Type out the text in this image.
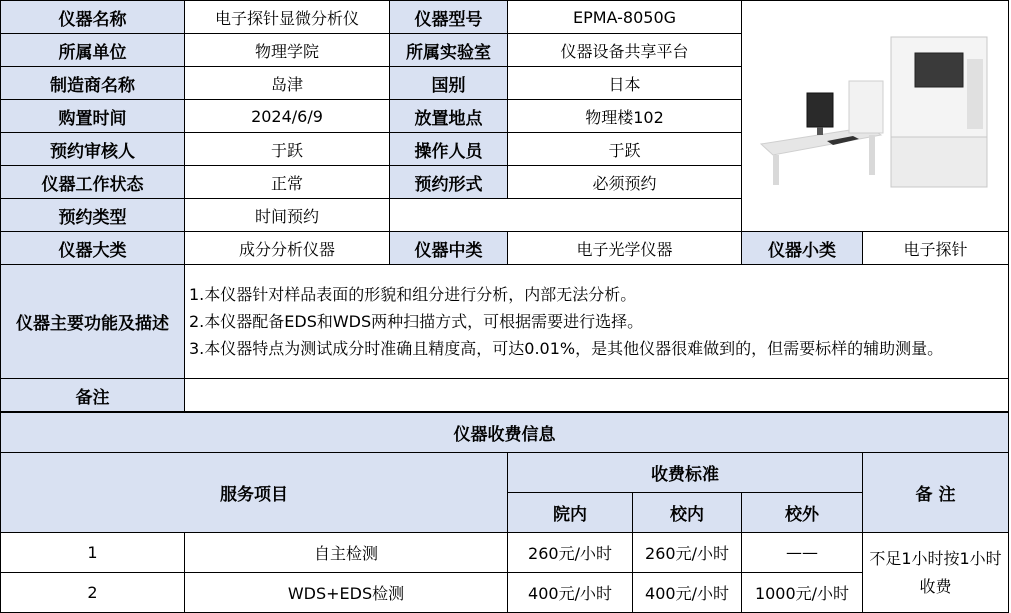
仪器名称	电子探针显微分析仪	仪器型号	EPMA-8050G	
所属单位	物理学院	所属实验室	仪器设备共享平台		
制造商名称	岛津	国别	日本		
购置时间	2024/6/9	放置地点	物理楼102		
预约审核人	于跃	操作人员	于跃		
仪器工作状态	正常	预约形式	必须预约		
预约类型	时间预约				
仪器大类	成分分析仪器	仪器中类	电子光学仪器	仪器小类	电子探针
仪器主要功能及描述	1.本仪器针对样品表面的形貌和组分进行分析，内部无法分析。

2.本仪器配备EDS和WDS两种扫描方式，可根据需要进行选择。

3.本仪器特点为测试成分时准确且精度高，可达0.01%，是其他仪器很难做到的，但需要标样的辅助测量。				

备注					
仪器收费信息					
服务项目		收费标准			备 注
		院内	校内	校外	
1	自主检测	260元/小时	260元/小时	——	不足1小时按1小时收费
2	WDS+EDS检测	400元/小时	400元/小时	1000元/小时	
